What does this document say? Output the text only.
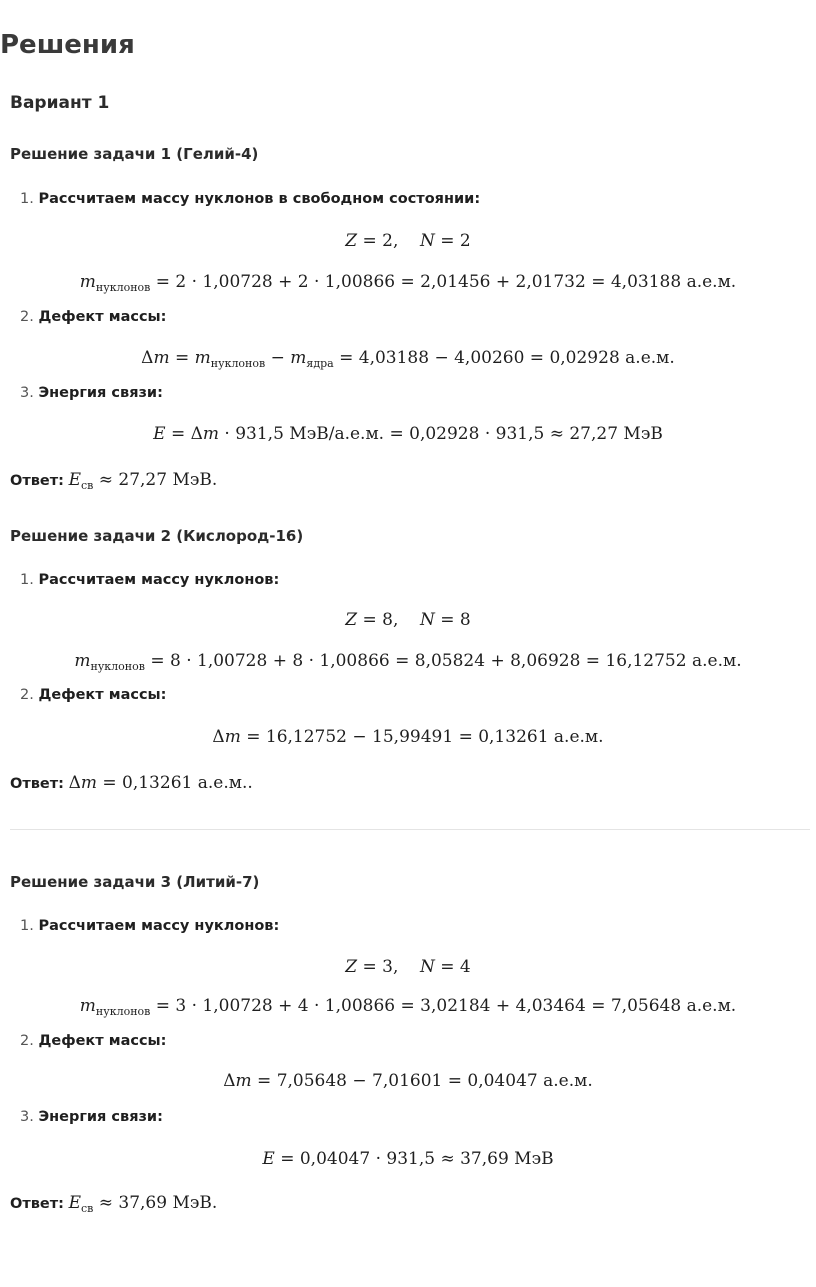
Решения
Вариант 1
Решение задачи 1 (Гелий-4)
1. Рассчитаем массу нуклонов в свободном состоянии:
Z = 2,    N = 2
$m_{нуклонов} = 2 \cdot 1,00728 + 2 \cdot 1,00866 = 2,01456 + 2,01732 = 4,03188$ а.е.м.
2. Дефект массы:
$\Delta m = m_{нуклонов} - m_{ядра} = 4,03188 - 4,00260 = 0,02928$ а.е.м.
3. Энергия связи:
E = Δm · 931,5 МэВ/а.е.м. = 0,02928 · 931,5 ≈ 27,27 МэВ
Ответ: $E_{св} \approx 27,27$ МэВ.
Решение задачи 2 (Кислород-16)
1. Рассчитаем массу нуклонов:
Z = 8,    N = 8
$m_{нуклонов} = 8 \cdot 1,00728 + 8 \cdot 1,00866 = 8,05824 + 8,06928 = 16,12752$ а.е.м.
2. Дефект массы:
Δm = 16,12752 − 15,99491 = 0,13261 а.е.м.
Ответ: Δm = 0,13261 а.е.м..
Решение задачи 3 (Литий-7)
1. Рассчитаем массу нуклонов:
Z = 3,    N = 4
$m_{нуклонов} = 3 \cdot 1,00728 + 4 \cdot 1,00866 = 3,02184 + 4,03464 = 7,05648$ а.е.м.
2. Дефект массы:
Δm = 7,05648 − 7,01601 = 0,04047 а.е.м.
3. Энергия связи:
E = 0,04047 · 931,5 ≈ 37,69 МэВ
Ответ: $E_{св} \approx 37,69$ МэВ.
